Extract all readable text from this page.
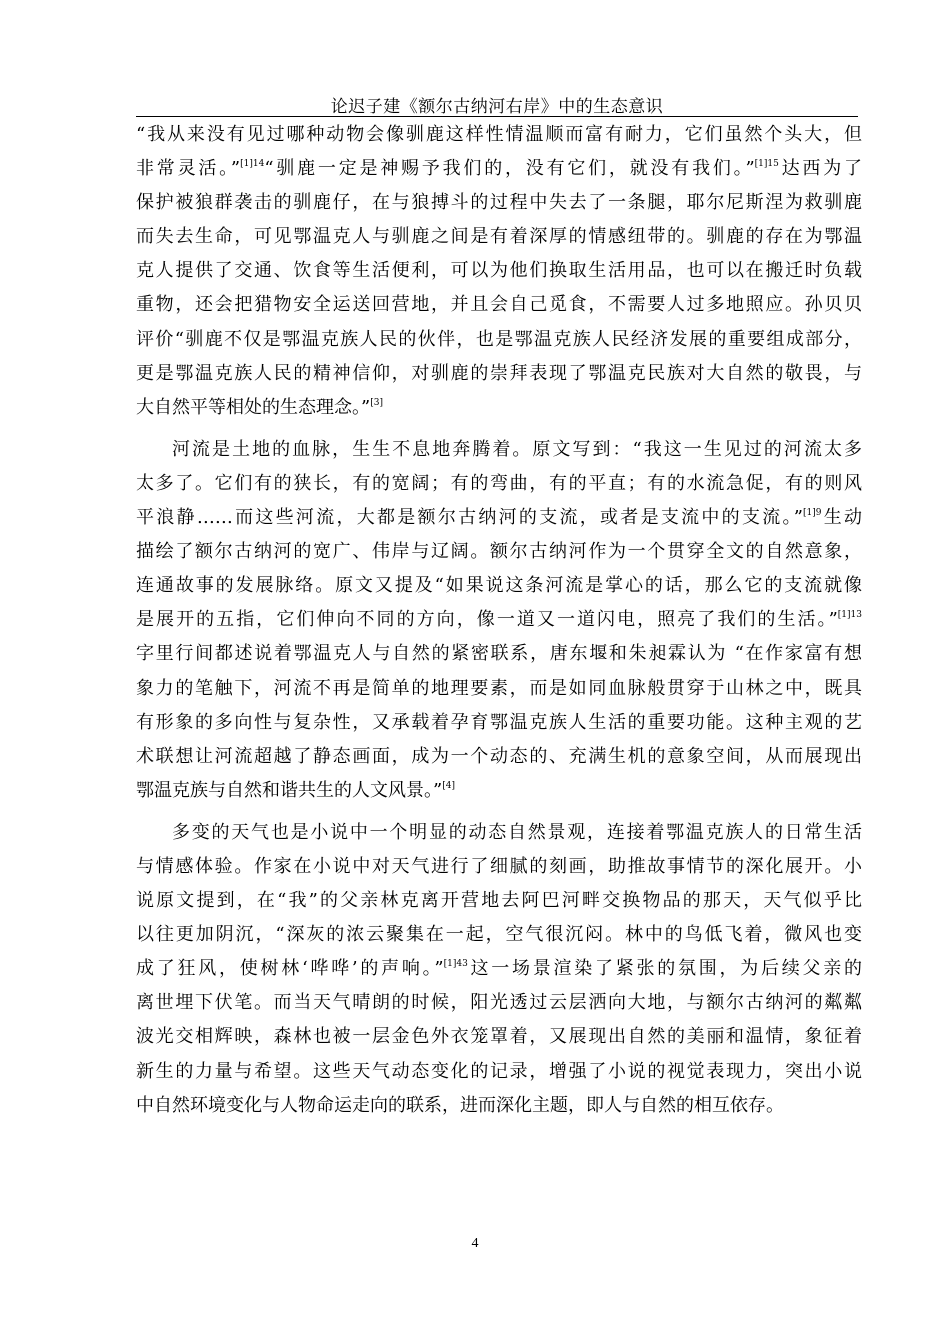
论迟子建《额尔古纳河右岸》中的生态意识
“我从来没有见过哪种动物会像驯鹿这样性情温顺而富有耐力，它们虽然个头大，但
非常灵活。”$^{[1]14}$“驯鹿一定是神赐予我们的，没有它们，就没有我们。”$^{[1]15}$达西为了
保护被狼群袭击的驯鹿仔，在与狼搏斗的过程中失去了一条腿，耶尔尼斯涅为救驯鹿
而失去生命，可见鄂温克人与驯鹿之间是有着深厚的情感纽带的。驯鹿的存在为鄂温
克人提供了交通、饮食等生活便利，可以为他们换取生活用品，也可以在搬迁时负载
重物，还会把猎物安全运送回营地，并且会自己觅食，不需要人过多地照应。孙贝贝
评价“驯鹿不仅是鄂温克族人民的伙伴，也是鄂温克族人民经济发展的重要组成部分，
更是鄂温克族人民的精神信仰，对驯鹿的崇拜表现了鄂温克民族对大自然的敬畏，与
大自然平等相处的生态理念。”[3]
河流是土地的血脉，生生不息地奔腾着。原文写到：“我这一生见过的河流太多
太多了。它们有的狭长，有的宽阔；有的弯曲，有的平直；有的水流急促，有的则风
平浪静……而这些河流，大都是额尔古纳河的支流，或者是支流中的支流。”$^{[1]9}$生动
描绘了额尔古纳河的宽广、伟岸与辽阔。额尔古纳河作为一个贯穿全文的自然意象，
连通故事的发展脉络。原文又提及“如果说这条河流是掌心的话，那么它的支流就像
是展开的五指，它们伸向不同的方向，像一道又一道闪电，照亮了我们的生活。”$^{[1]13}$
字里行间都述说着鄂温克人与自然的紧密联系，唐东堰和朱昶霖认为 “在作家富有想
象力的笔触下，河流不再是简单的地理要素，而是如同血脉般贯穿于山林之中，既具
有形象的多向性与复杂性，又承载着孕育鄂温克族人生活的重要功能。这种主观的艺
术联想让河流超越了静态画面，成为一个动态的、充满生机的意象空间，从而展现出
鄂温克族与自然和谐共生的人文风景。”[4]
多变的天气也是小说中一个明显的动态自然景观，连接着鄂温克族人的日常生活
与情感体验。作家在小说中对天气进行了细腻的刻画，助推故事情节的深化展开。小
说原文提到，在“我”的父亲林克离开营地去阿巴河畔交换物品的那天，天气似乎比
以往更加阴沉，“深灰的浓云聚集在一起，空气很沉闷。林中的鸟低飞着，微风也变
成了狂风，使树林‘哗哗’的声响。”$^{[1]43}$这一场景渲染了紧张的氛围，为后续父亲的
离世埋下伏笔。而当天气晴朗的时候，阳光透过云层洒向大地，与额尔古纳河的粼粼
波光交相辉映，森林也被一层金色外衣笼罩着，又展现出自然的美丽和温情，象征着
新生的力量与希望。这些天气动态变化的记录，增强了小说的视觉表现力，突出小说
中自然环境变化与人物命运走向的联系，进而深化主题，即人与自然的相互依存。
4
